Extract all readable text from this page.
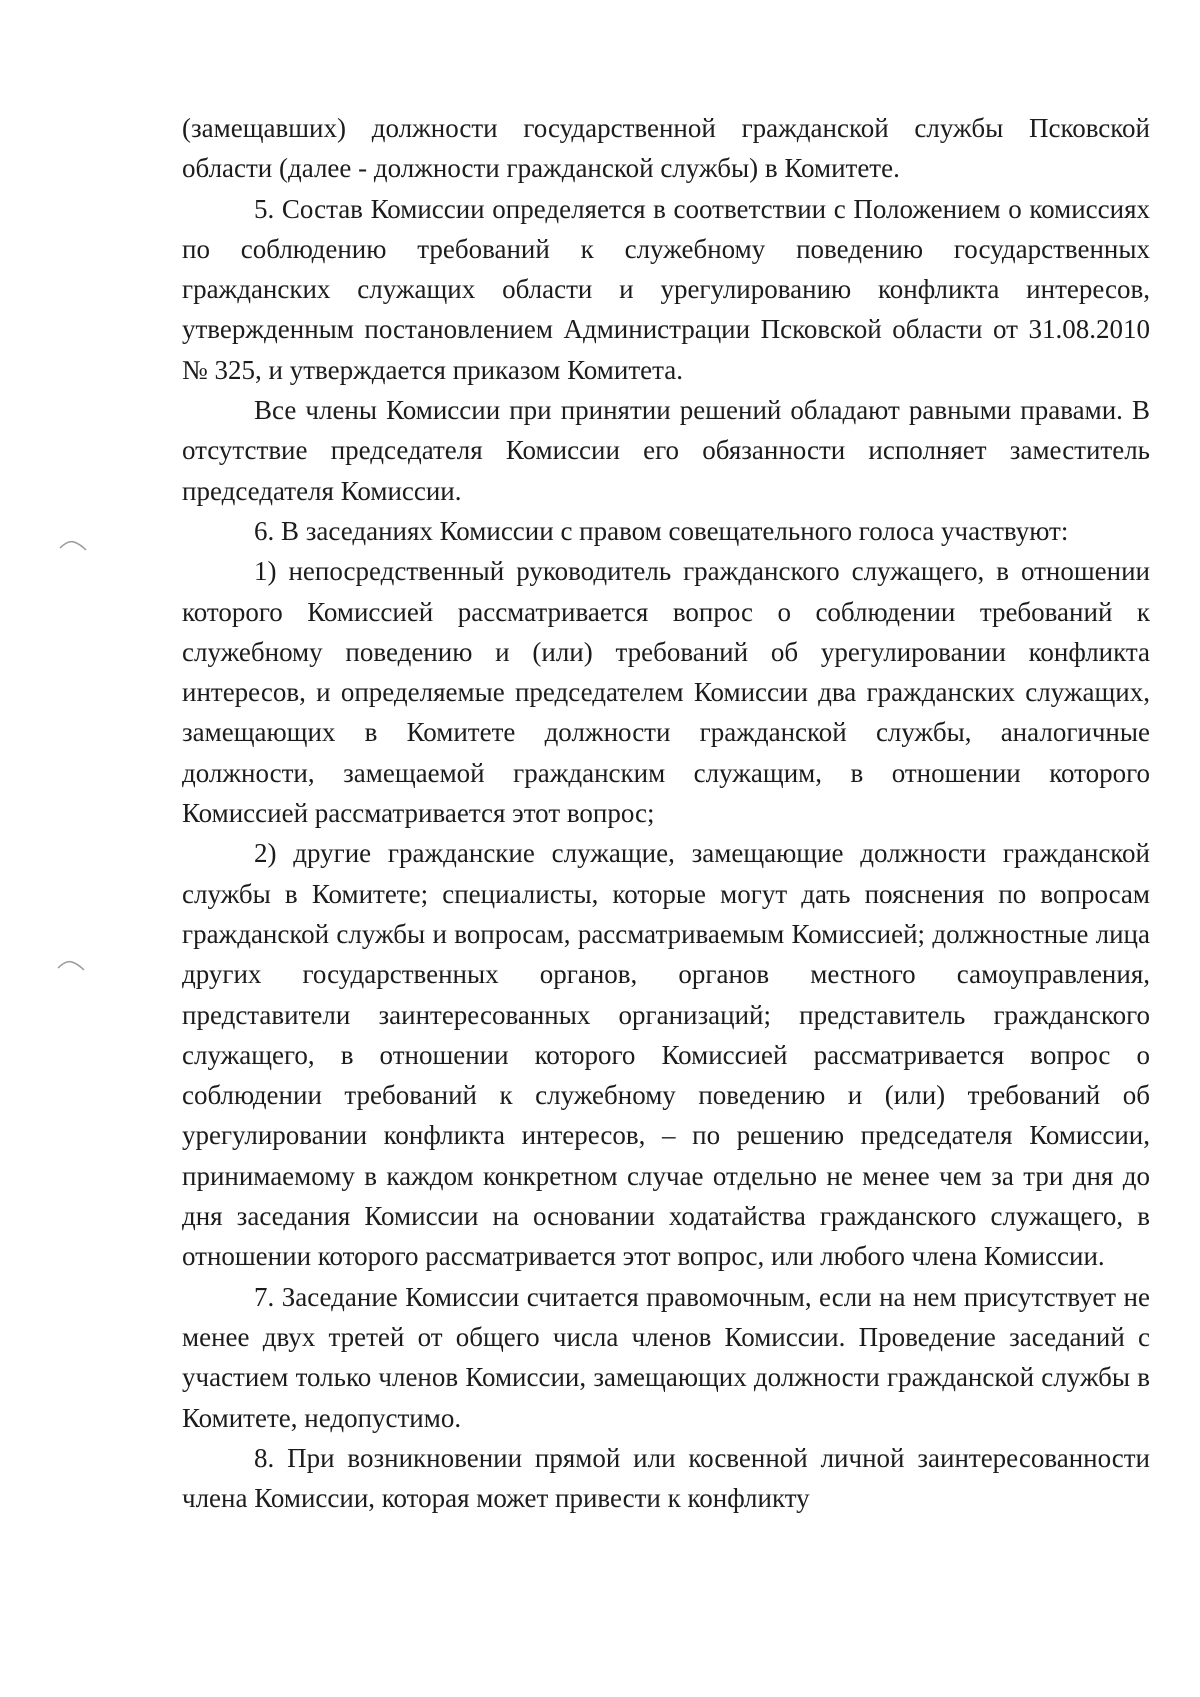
(замещавших) должности государственной гражданской службы Псковской области (далее - должности гражданской службы) в Комитете.

5. Состав Комиссии определяется в соответствии с Положением о комиссиях по соблюдению требований к служебному поведению государственных гражданских служащих области и урегулированию конфликта интересов, утвержденным постановлением Администрации Псковской области от 31.08.2010 № 325, и утверждается приказом Комитета.

Все члены Комиссии при принятии решений обладают равными правами. В отсутствие председателя Комиссии его обязанности исполняет заместитель председателя Комиссии.

6. В заседаниях Комиссии с правом совещательного голоса участвуют:

1) непосредственный руководитель гражданского служащего, в отношении которого Комиссией рассматривается вопрос о соблюдении требований к служебному поведению и (или) требований об урегулировании конфликта интересов, и определяемые председателем Комиссии два гражданских служащих, замещающих в Комитете должности гражданской службы, аналогичные должности, замещаемой гражданским служащим, в отношении которого Комиссией рассматривается этот вопрос;

2) другие гражданские служащие, замещающие должности гражданской службы в Комитете; специалисты, которые могут дать пояснения по вопросам гражданской службы и вопросам, рассматриваемым Комиссией; должностные лица других государственных органов, органов местного самоуправления, представители заинтересованных организаций; представитель гражданского служащего, в отношении которого Комиссией рассматривается вопрос о соблюдении требований к служебному поведению и (или) требований об урегулировании конфликта интересов, – по решению председателя Комиссии, принимаемому в каждом конкретном случае отдельно не менее чем за три дня до дня заседания Комиссии на основании ходатайства гражданского служащего, в отношении которого рассматривается этот вопрос, или любого члена Комиссии.

7. Заседание Комиссии считается правомочным, если на нем присутствует не менее двух третей от общего числа членов Комиссии. Проведение заседаний с участием только членов Комиссии, замещающих должности гражданской службы в Комитете, недопустимо.

8. При возникновении прямой или косвенной личной заинтересованности члена Комиссии, которая может привести к конфликту
